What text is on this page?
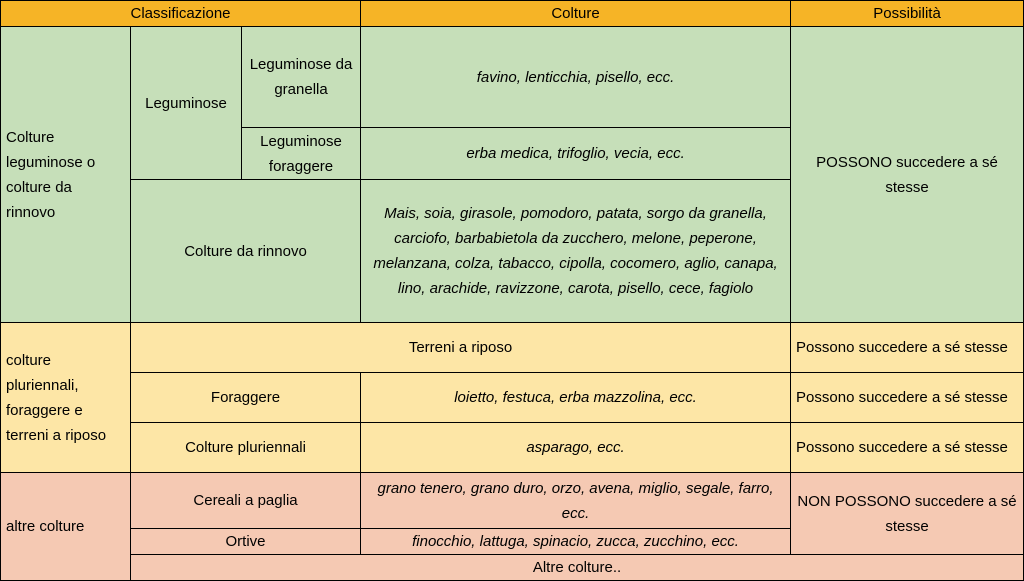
Classificazione			Colture	Possibilità
Colture leguminose o colture da rinnovo	Leguminose	Leguminose da granella	favino, lenticchia, pisello, ecc.	POSSONO succedere a sé stesse
		Leguminose foraggere	erba medica, trifoglio, vecia, ecc.	
	Colture da rinnovo		Mais, soia, girasole, pomodoro, patata, sorgo da granella, carciofo, barbabietola da zucchero, melone, peperone, melanzana, colza, tabacco, cipolla, cocomero, aglio, canapa, lino, arachide, ravizzone, carota, pisello, cece, fagiolo	
colture pluriennali, foraggere e terreni a riposo	Terreni a riposo			Possono succedere a sé stesse
	Foraggere		loietto, festuca, erba mazzolina, ecc.	Possono succedere a sé stesse
	Colture pluriennali		asparago, ecc.	Possono succedere a sé stesse
altre colture	Cereali a paglia		grano tenero, grano duro, orzo, avena, miglio, segale, farro, ecc.	NON POSSONO succedere a sé stesse
	Ortive		finocchio, lattuga, spinacio, zucca, zucchino, ecc.	
	Altre colture..			
